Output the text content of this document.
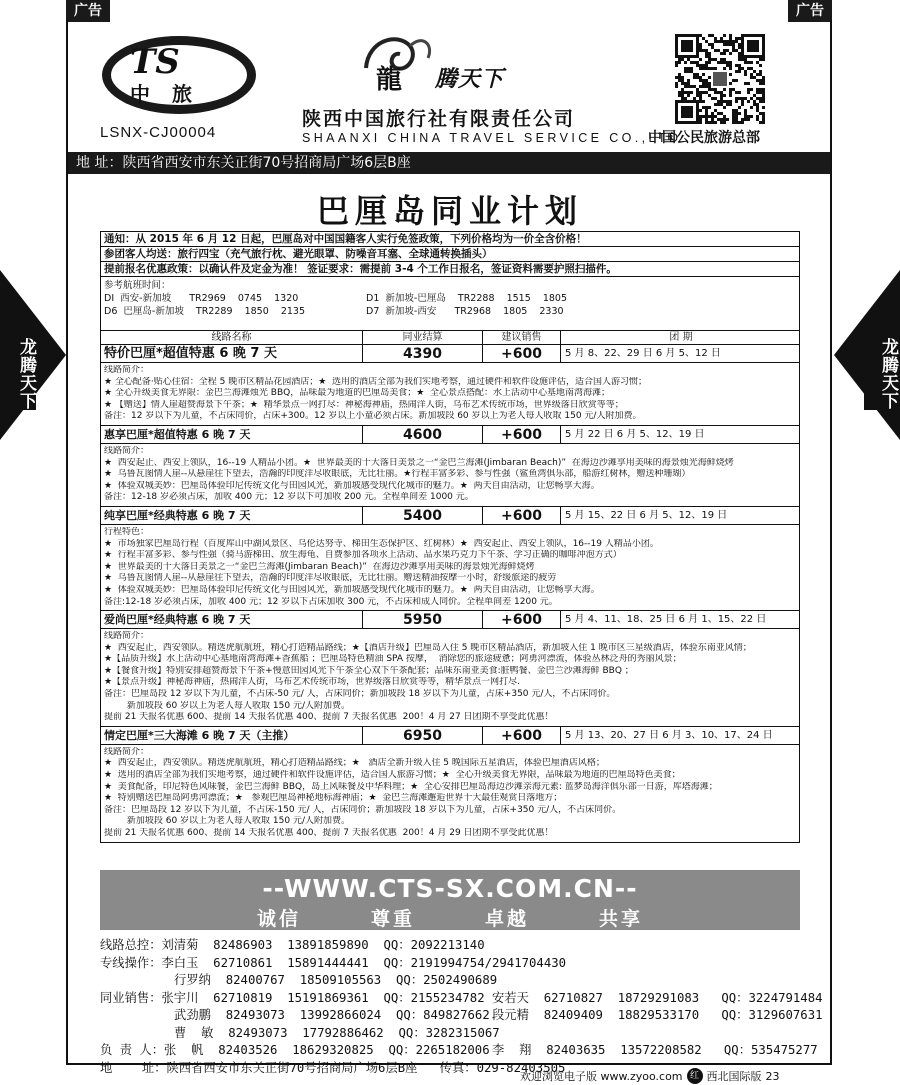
广告	广告
龙腾天下	龙腾天下
TS
中旅
LSNX-CJ00004
龍 腾天下
陕西中国旅行社有限责任公司
SHAANXI CHINA TRAVEL SERVICE CO.,LTD
中国公民旅游总部
地 址：陕西省西安市东关正街70号招商局广场6层B座
巴厘岛同业计划
通知：从 2015 年 6 月 12 日起，巴厘岛对中国国籍客人实行免签政策，下列价格均为一价全含价格！
参团客人均送：旅行四宝（充气旅行枕、避光眼罩、防噪音耳塞、全球通转换插头）
提前报名优惠政策：以确认件及定金为准！ 签证要求：需提前 3-4 个工作日报名，签证资料需要护照扫描件。
参考航班时间：
DI  西安-新加坡      TR2969    0745    1320	D1  新加坡-巴厘岛    TR2288    1515    1805
D6  巴厘岛-新加坡    TR2289    1850    2135	D7  新加坡-西安      TR2968    1805    2330
线路名称	同业结算	建议销售	团 期
特价巴厘*超值特惠 6 晚 7 天	4390	+600	5 月 8、22、29 日 6 月 5、12 日

线路简介：

★ 全心配备·贴心住宿：全程 5 晚市区精品花园酒店；★  选用的酒店全部为我们实地考察，通过硬件和软件设施评估，适合国人游习惯；

★ 全心升级美食无界限：金巴兰海滩烛光 BBQ，品味最为地道的巴厘岛美食；★  全心景点搭配：水上活动中心基地南湾海滩；

★ 【赠送】情人崖超赞海景下午茶；★  精华景点一网打尽：神秘海神庙，热闹洋人街，乌布艺术传统市场，世界级落日欣赏等等；

备注：12 岁以下为儿童，不占床同价，占床+300。12 岁以上小童必须占床。新加坡段 60 岁以上为老人每人收取 150 元/人附加费。

惠享巴厘*超值特惠 6 晚 7 天	4600	+600	5 月 22 日 6 月 5、12、19 日

线路简介：

★  西安起止、西安上领队，16--19 人精品小团。★  世界最美的十大落日美景之一“金巴兰海滩(Jimbaran Beach)”  在海边沙滩享用美味的海景烛光海鲜烧烤

★  乌鲁瓦图情人崖--从悬崖往下望去，浩瀚的印度洋尽收眼底，无比壮丽。★行程丰富多彩、参与性强（鲨鱼湾俱乐部，船游红树林，赠送种珊瑚）

★  体验双城美妙：巴厘岛体验印尼传统文化与田园风光，新加坡感受现代化城市的魅力。★  两天自由活动，让您畅享大海。

备注：12-18 岁必须占床，加收 400 元；12 岁以下可加收 200 元。全程单间差 1000 元。

纯享巴厘*经典特惠 6 晚 7 天	5400	+600	5 月 15、22 日 6 月 5、12、19 日

行程特色：

★  市场独家巴厘岛行程（百度库山中湖风景区、乌伦达努寺、梯田生态保护区、红树林）★  西安起止、西安上领队，16--19 人精品小团。

★  行程丰富多彩、参与性强（骑马游梯田、放生海龟、自费参加各项水上活动、品水果巧克力下午茶、学习正确的咖啡冲泡方式）

★  世界最美的十大落日美景之一“金巴兰海滩(Jimbaran Beach)”  在海边沙滩享用美味的海景烛光海鲜烧烤

★  乌鲁瓦图情人崖--从悬崖往下望去，浩瀚的印度洋尽收眼底，无比壮丽。赠送精油按摩一小时，舒缓旅途的疲劳

★  体验双城美妙：巴厘岛体验印尼传统文化与田园风光，新加坡感受现代化城市的魅力。★  两天自由活动，让您畅享大海。

备注:12-18 岁必须占床，加收 400 元；12 岁以下占床加收 300 元，不占床和成人同价。全程单间差 1200 元。

爱尚巴厘*经典特惠 6 晚 7 天	5950	+600	5 月 4、11、18、25 日 6 月 1、15、22 日

线路简介：

★  西安起止，西安领队。精选虎航航班，精心打造精品路线；★【酒店升级】巴厘岛入住 5 晚市区精品酒店，新加坡入住 1 晚市区三星级酒店，体验东南亚风情；

★【品质升级】水上活动中心基地南湾海滩+香蕉船 ；巴厘岛特色精油 SPA 按摩，  消除您的旅途疲惫；阿勇河漂流，体验丛林泛舟的秀丽风景；

★【餐食升级】特别安排超赞海景下午茶+慢意田园风光下午茶全心双下午茶配套；品味东南亚美食:脏鸭餐、金巴兰沙滩海鲜 BBQ ；

★【景点升级】神秘海神庙，热闹洋人街，乌布艺术传统市场，世界级落日欣赏等等，精华景点一网打尽.

备注：巴厘岛段 12 岁以下为儿童，不占床-50 元/ 人，占床同价；新加坡段 18 岁以下为儿童，占床+350 元/人，不占床同价。

新加坡段 60 岁以上为老人每人收取 150 元/人附加费。

提前 21 天报名优惠 600、提前 14 天报名优惠 400、提前 7 天报名优惠  200！4 月 27 日团期不享受此优惠！

情定巴厘*三大海滩 6 晚 7 天（主推）	6950	+600	5 月 13、20、27 日 6 月 3、10、17、24 日

线路简介：

★  西安起止，西安领队。精选虎航航班，精心打造精品路线；★   酒店全新升级入住 5 晚国际五星酒店，体验巴厘酒店风格；

★  选用的酒店全部为我们实地考察，通过硬件和软件设施评估，适合国人旅游习惯；★  全心升级美食无界限，品味最为地道的巴厘岛特色美食；

★  美食配备，印尼特色风味餐，金巴兰海鲜 BBQ，岛上风味餐及中华料理；★  全心安排巴厘岛海边沙滩亲海元素: 蓝梦岛海洋俱乐部一日游，库塔海滩；

★  特别赠送巴厘岛阿勇河漂流；★   参观巴厘岛神秘地标海神庙；★  金巴兰海滩邂逅世界十大最佳观赏日落地方；

备注：巴厘岛段 12 岁以下为儿童，不占床-150 元/ 人，占床同价；新加坡段 18 岁以下为儿童，占床+350 元/人，不占床同价。

新加坡段 60 岁以上为老人每人收取 150 元/人附加费。

提前 21 天报名优惠 600、提前 14 天报名优惠 400、提前 7 天报名优惠  200！4 月 29 日团期不享受此优惠！

--WWW.CTS-SX.COM.CN--
诚信	尊重	卓越	共享
线路总控：刘清菊  82486903  13891859890  QQ：2092213140
专线操作：李白玉  62710861  15891444441  QQ：2191994754/2941704430
行罗纳  82400767  18509105563  QQ：2502490689
同业销售：张宇川  62710819  15191869361  QQ：2155234782 安若天  62710827  18729291083   QQ：3224791484
武劲鹏  82493073  13992866024  QQ：849827662 段元精  82409409  18829533170   QQ：3129607631
曹  敏  82493073  17792886462  QQ：3282315067
负 责 人：张  帆  82403526  18629320825  QQ：2265182006 李  翔  82403635  13572208582   QQ：535475277
地    址：陕西省西安市东关正街70号招商局广场6层B座   传真：029-82403505
欢迎浏览电子版 www.zyoo.com 红 西北国际版 23
